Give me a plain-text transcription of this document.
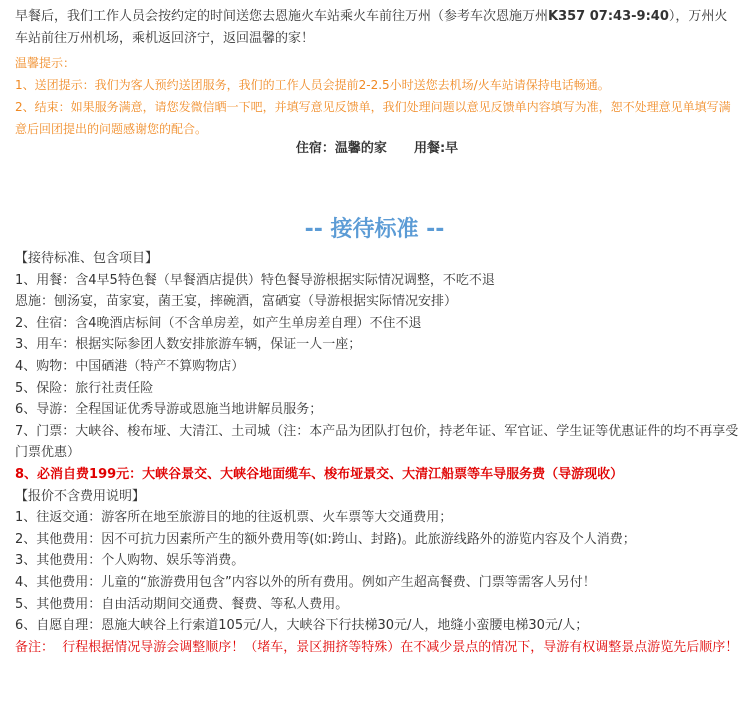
早餐后，我们工作人员会按约定的时间送您去恩施火车站乘火车前往万州（参考车次恩施万州K357 07:43-9:40），万州火车站前往万州机场，乘机返回济宁，返回温馨的家！

温馨提示：

1、送团提示：我们为客人预约送团服务，我们的工作人员会提前2-2.5小时送您去机场/火车站请保持电话畅通。

2、结束：如果服务满意，请您发微信晒一下吧，并填写意见反馈单，我们处理问题以意见反馈单内容填写为准，恕不处理意见单填写满意后回团提出的问题感谢您的配合。

住宿：温馨的家      用餐:早

【接待标准、包含项目】

1、用餐：含4早5特色餐（早餐酒店提供）特色餐导游根据实际情况调整，不吃不退

恩施：刨汤宴，苗家宴，菌王宴，摔碗酒，富硒宴（导游根据实际情况安排）

2、住宿：含4晚酒店标间（不含单房差，如产生单房差自理）不住不退

3、用车：根据实际参团人数安排旅游车辆，保证一人一座；

4、购物：中国硒港（特产不算购物店）

5、保险：旅行社责任险

6、导游：全程国证优秀导游或恩施当地讲解员服务；

7、门票：大峡谷、梭布垭、大清江、土司城（注：本产品为团队打包价，持老年证、军官证、学生证等优惠证件的均不再享受门票优惠）

8、必消自费199元：大峡谷景交、大峡谷地面缆车、梭布垭景交、大清江船票等车导服务费（导游现收）

【报价不含费用说明】

1、往返交通：游客所在地至旅游目的地的往返机票、火车票等大交通费用；

2、其他费用：因不可抗力因素所产生的额外费用等(如:跨山、封路)。此旅游线路外的游览内容及个人消费；

3、其他费用：个人购物、娱乐等消费。

4、其他费用：儿童的“旅游费用包含”内容以外的所有费用。例如产生超高餐费、门票等需客人另付！

5、其他费用：自由活动期间交通费、餐费、等私人费用。

6、自愿自理：恩施大峡谷上行索道105元/人，大峡谷下行扶梯30元/人，地缝小蛮腰电梯30元/人；

备注：  行程根据情况导游会调整顺序！（堵车，景区拥挤等特殊）在不减少景点的情况下，导游有权调整景点游览先后顺序！

-- 接待标准 --
